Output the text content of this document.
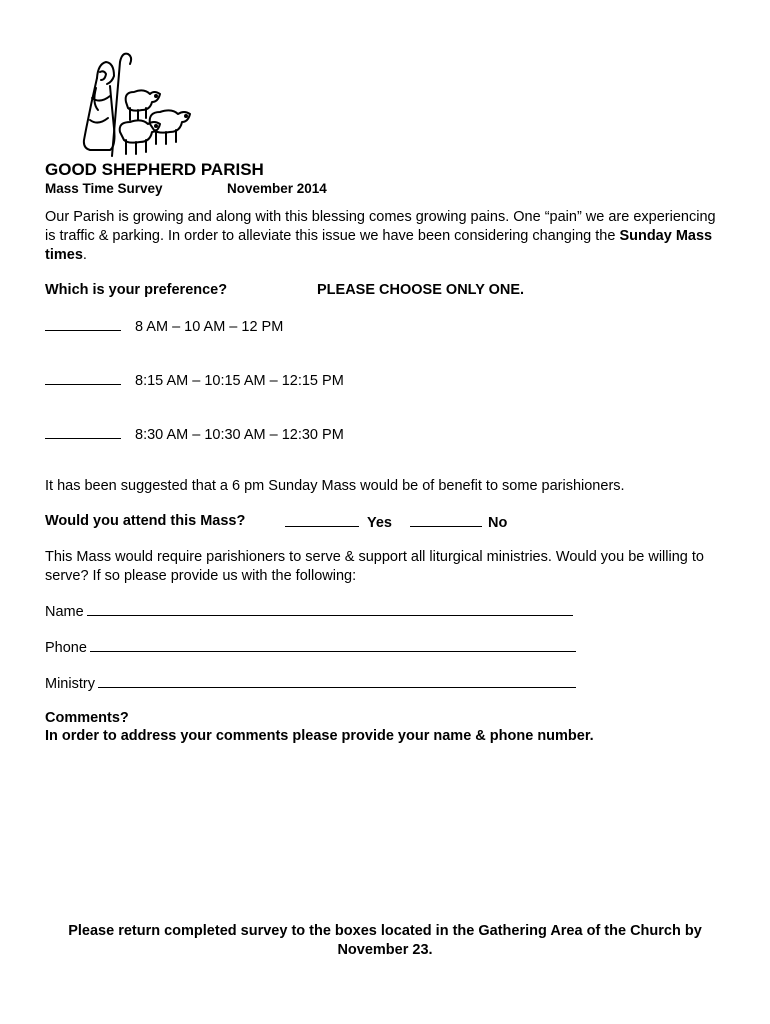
GOOD SHEPHERD PARISH
Mass Time Survey	November 2014
Our Parish is growing and along with this blessing comes growing pains. One “pain” we are experiencing is traffic & parking. In order to alleviate this issue we have been considering changing the Sunday Mass times.
Which is your preference?	PLEASE CHOOSE ONLY ONE.
8 AM – 10 AM – 12 PM
8:15 AM – 10:15 AM – 12:15 PM
8:30 AM – 10:30 AM – 12:30 PM
It has been suggested that a 6 pm Sunday Mass would be of benefit to some parishioners.
Would you attend this Mass?	Yes	No
This Mass would require parishioners to serve & support all liturgical ministries. Would you be willing to serve? If so please provide us with the following:
Name
Phone
Ministry
Comments?
In order to address your comments please provide your name & phone number.
Please return completed survey to the boxes located in the Gathering Area of the Church by November 23.
